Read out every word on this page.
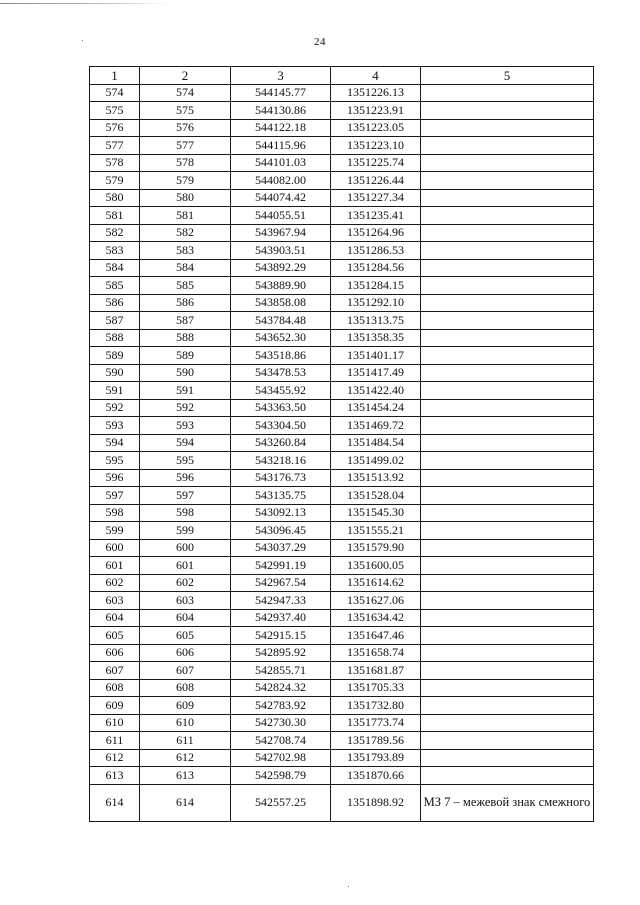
24
1	2	3	4	5
574	574	544145.77	1351226.13	
575	575	544130.86	1351223.91	
576	576	544122.18	1351223.05	
577	577	544115.96	1351223.10	
578	578	544101.03	1351225.74	
579	579	544082.00	1351226.44	
580	580	544074.42	1351227.34	
581	581	544055.51	1351235.41	
582	582	543967.94	1351264.96	
583	583	543903.51	1351286.53	
584	584	543892.29	1351284.56	
585	585	543889.90	1351284.15	
586	586	543858.08	1351292.10	
587	587	543784.48	1351313.75	
588	588	543652.30	1351358.35	
589	589	543518.86	1351401.17	
590	590	543478.53	1351417.49	
591	591	543455.92	1351422.40	
592	592	543363.50	1351454.24	
593	593	543304.50	1351469.72	
594	594	543260.84	1351484.54	
595	595	543218.16	1351499.02	
596	596	543176.73	1351513.92	
597	597	543135.75	1351528.04	
598	598	543092.13	1351545.30	
599	599	543096.45	1351555.21	
600	600	543037.29	1351579.90	
601	601	542991.19	1351600.05	
602	602	542967.54	1351614.62	
603	603	542947.33	1351627.06	
604	604	542937.40	1351634.42	
605	605	542915.15	1351647.46	
606	606	542895.92	1351658.74	
607	607	542855.71	1351681.87	
608	608	542824.32	1351705.33	
609	609	542783.92	1351732.80	
610	610	542730.30	1351773.74	
611	611	542708.74	1351789.56	
612	612	542702.98	1351793.89	
613	613	542598.79	1351870.66	
614	614	542557.25	1351898.92	МЗ 7 – межевой знак смежного
